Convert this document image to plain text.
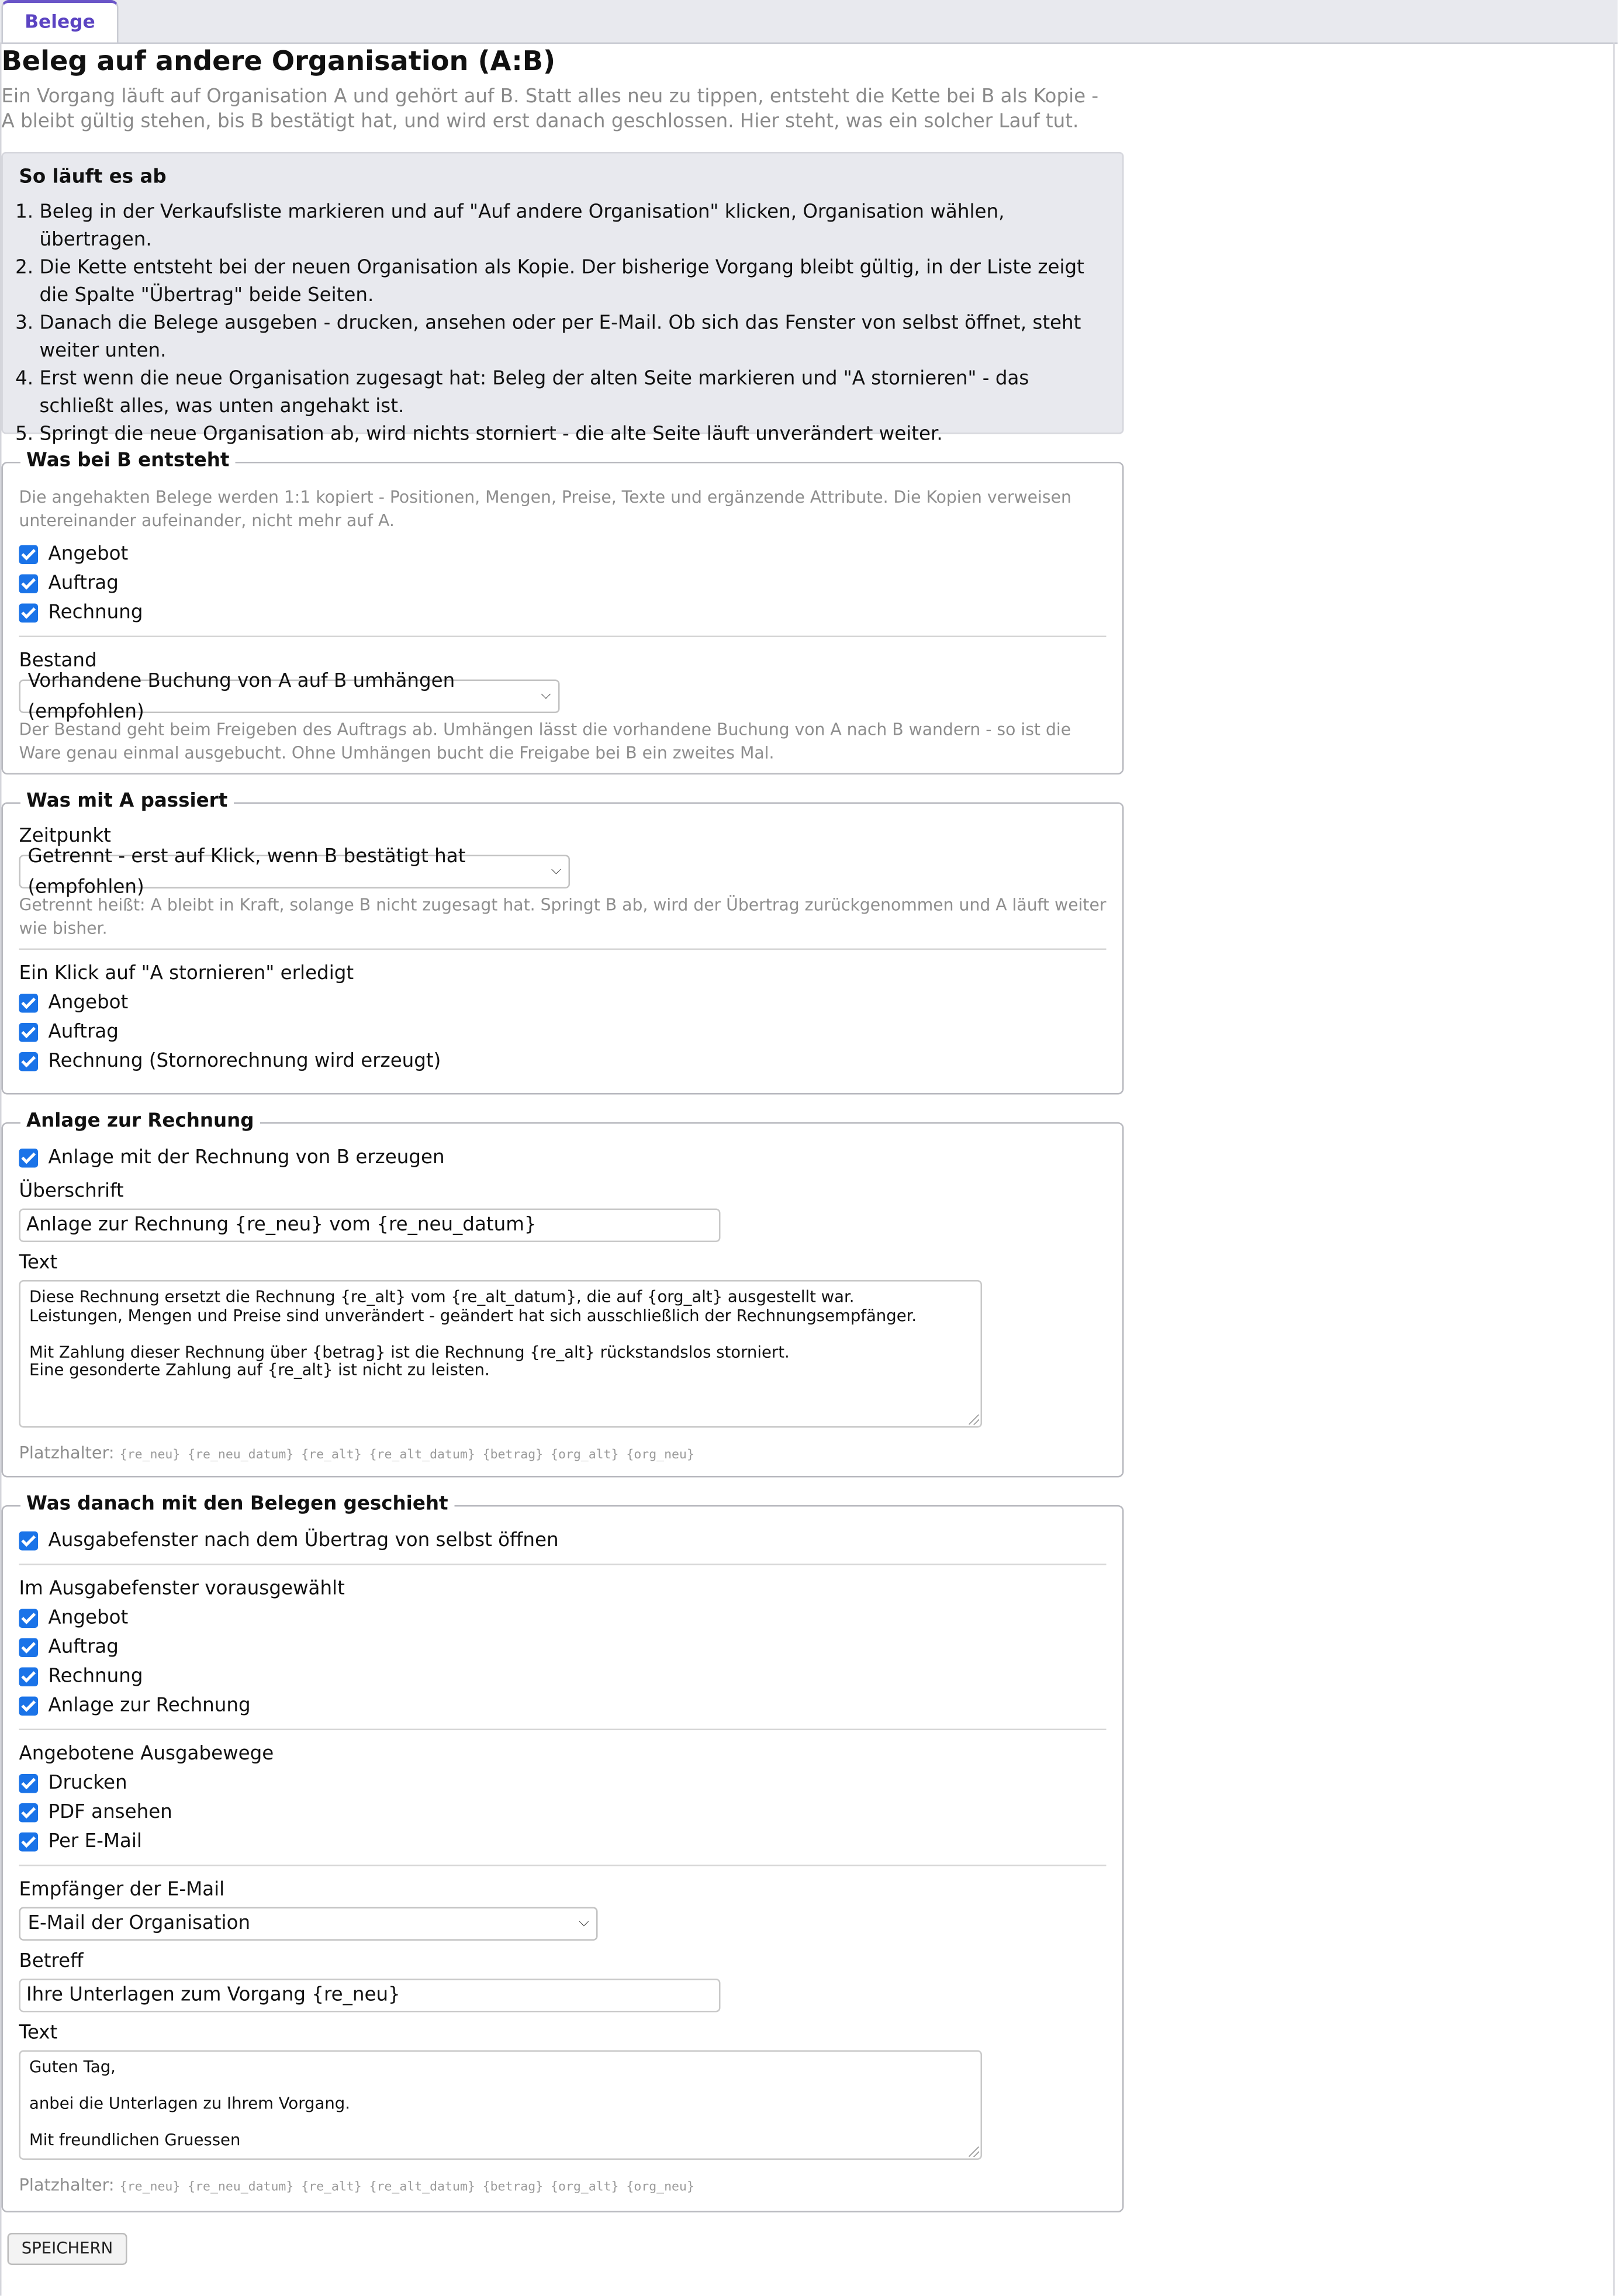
Belege
Beleg auf andere Organisation (A:B)

Ein Vorgang läuft auf Organisation A und gehört auf B. Statt alles neu zu tippen, entsteht die Kette bei B als Kopie - A bleibt gültig stehen, bis B bestätigt hat, und wird erst danach geschlossen. Hier steht, was ein solcher Lauf tut.

So läuft es ab
1. Beleg in der Verkaufsliste markieren und auf "Auf andere Organisation" klicken, Organisation wählen, übertragen.
2. Die Kette entsteht bei der neuen Organisation als Kopie. Der bisherige Vorgang bleibt gültig, in der Liste zeigt die Spalte "Übertrag" beide Seiten.
3. Danach die Belege ausgeben - drucken, ansehen oder per E-Mail. Ob sich das Fenster von selbst öffnet, steht weiter unten.
4. Erst wenn die neue Organisation zugesagt hat: Beleg der alten Seite markieren und "A stornieren" - das schließt alles, was unten angehakt ist.
5. Springt die neue Organisation ab, wird nichts storniert - die alte Seite läuft unverändert weiter.
Was bei B entsteht

Die angehakten Belege werden 1:1 kopiert - Positionen, Mengen, Preise, Texte und ergänzende Attribute. Die Kopien verweisen untereinander aufeinander, nicht mehr auf A.

Angebot
Auftrag
Rechnung
Bestand
Vorhandene Buchung von A auf B umhängen (empfohlen)
⌵

Der Bestand geht beim Freigeben des Auftrags ab. Umhängen lässt die vorhandene Buchung von A nach B wandern - so ist die Ware genau einmal ausgebucht. Ohne Umhängen bucht die Freigabe bei B ein zweites Mal.

Was mit A passiert
Zeitpunkt
Getrennt - erst auf Klick, wenn B bestätigt hat (empfohlen)
⌵

Getrennt heißt: A bleibt in Kraft, solange B nicht zugesagt hat. Springt B ab, wird der Übertrag zurückgenommen und A läuft weiter wie bisher.

Ein Klick auf "A stornieren" erledigt
Angebot
Auftrag
Rechnung (Stornorechnung wird erzeugt)
Anlage zur Rechnung
Anlage mit der Rechnung von B erzeugen
Überschrift
Anlage zur Rechnung {re_neu} vom {re_neu_datum}
Text
Diese Rechnung ersetzt die Rechnung {re_alt} vom {re_alt_datum}, die auf {org_alt} ausgestellt war.
Leistungen, Mengen und Preise sind unverändert - geändert hat sich ausschließlich der Rechnungsempfänger.

Mit Zahlung dieser Rechnung über {betrag} ist die Rechnung {re_alt} rückstandslos storniert.
Eine gesonderte Zahlung auf {re_alt} ist nicht zu leisten.
Platzhalter: {re_neu} {re_neu_datum} {re_alt} {re_alt_datum} {betrag} {org_alt} {org_neu}
Was danach mit den Belegen geschieht
Ausgabefenster nach dem Übertrag von selbst öffnen
Im Ausgabefenster vorausgewählt
Angebot
Auftrag
Rechnung
Anlage zur Rechnung
Angebotene Ausgabewege
Drucken
PDF ansehen
Per E-Mail
Empfänger der E-Mail
E-Mail der Organisation	⌵
Betreff
Ihre Unterlagen zum Vorgang {re_neu}
Text
Guten Tag,

anbei die Unterlagen zu Ihrem Vorgang.

Mit freundlichen Gruessen
Platzhalter: {re_neu} {re_neu_datum} {re_alt} {re_alt_datum} {betrag} {org_alt} {org_neu}
SPEICHERN
